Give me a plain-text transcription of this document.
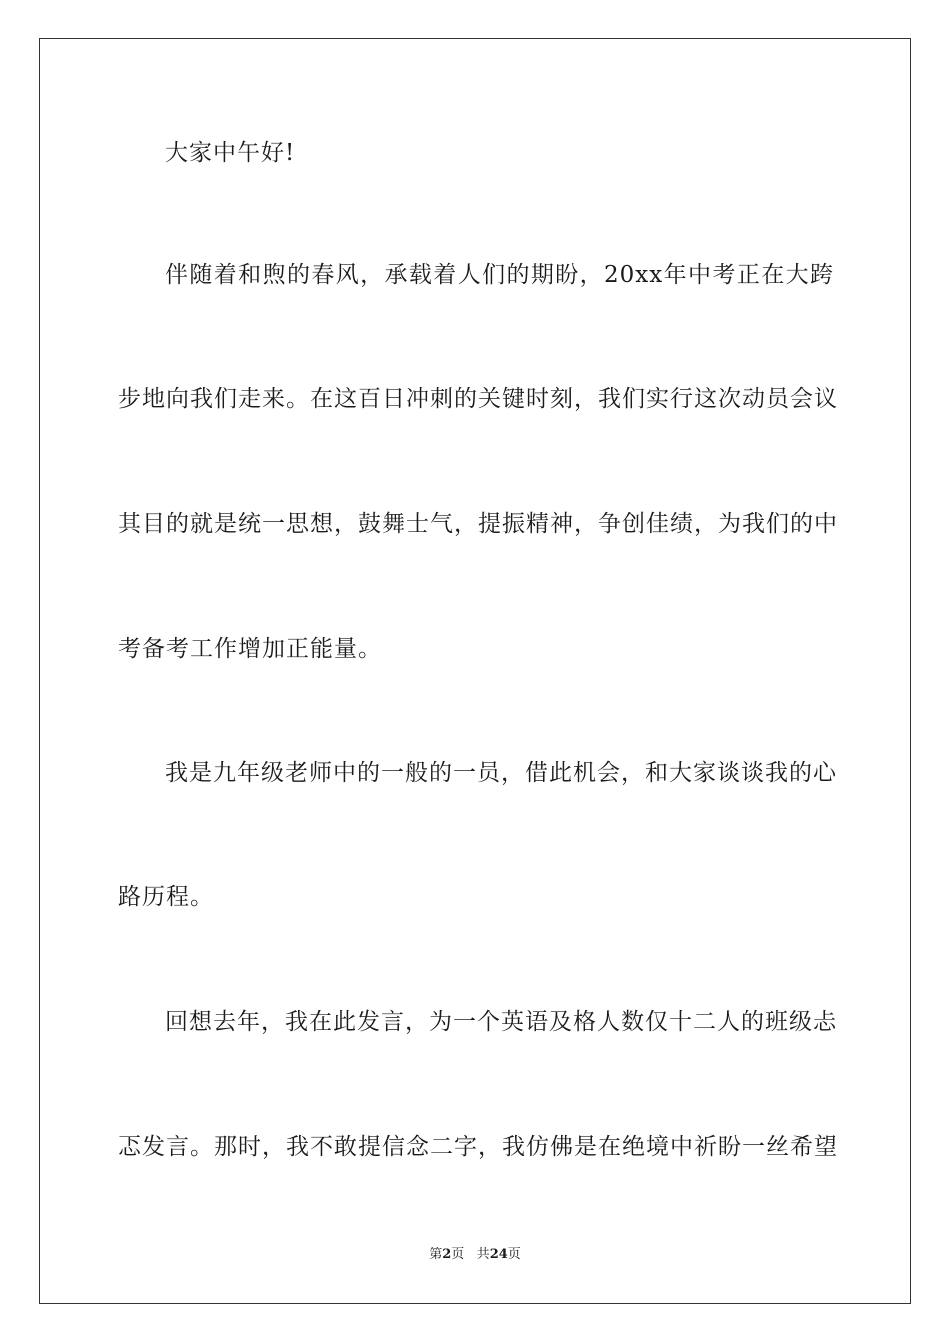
大家中午好!
伴随着和煦的春风，承载着人们的期盼，20xx年中考正在大跨
步地向我们走来。在这百日冲刺的关键时刻，我们实行这次动员会议
其目的就是统一思想，鼓舞士气，提振精神，争创佳绩，为我们的中
考备考工作增加正能量。
我是九年级老师中的一般的一员，借此机会，和大家谈谈我的心
路历程。
回想去年，我在此发言，为一个英语及格人数仅十二人的班级忐
忑发言。那时，我不敢提信念二字，我仿佛是在绝境中祈盼一丝希望
第2页 共24页
